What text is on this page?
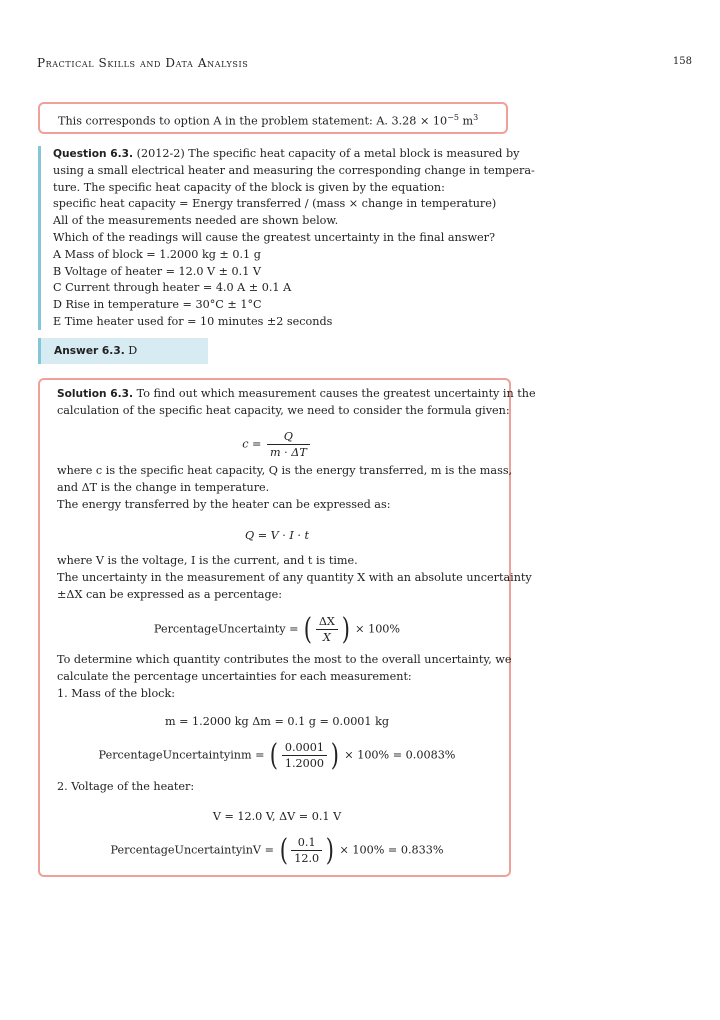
Practical Skills and Data Analysis	158
This corresponds to option A in the problem statement: A. $3.28 \times 10^{-5}$ $m^3$
Question 6.3. (2012-2) The specific heat capacity of a metal block is measured by
using a small electrical heater and measuring the corresponding change in tempera-
ture. The specific heat capacity of the block is given by the equation:
specific heat capacity = Energy transferred / (mass × change in temperature)
All of the measurements needed are shown below.
Which of the readings will cause the greatest uncertainty in the final answer?
A Mass of block = 1.2000 kg ± 0.1 g
B Voltage of heater = 12.0 V ± 0.1 V
C Current through heater = 4.0 A ± 0.1 A
D Rise in temperature = 30°C ± 1°C
E Time heater used for = 10 minutes ±2 seconds
Answer 6.3. D
Solution 6.3. To find out which measurement causes the greatest uncertainty in the
calculation of the specific heat capacity, we need to consider the formula given:
$c = \frac{Q}{m \cdot \Delta T}$
where c is the specific heat capacity, Q is the energy transferred, m is the mass,
and ΔT is the change in temperature.
The energy transferred by the heater can be expressed as:
Q = V · I · t
where V is the voltage, I is the current, and t is time.
The uncertainty in the measurement of any quantity X with an absolute uncertainty
±ΔX can be expressed as a percentage:
PercentageUncertainty = ( $\frac{\Delta X}{X}$ ) × 100%
To determine which quantity contributes the most to the overall uncertainty, we
calculate the percentage uncertainties for each measurement:
1. Mass of the block:
m = 1.2000 kg Δm = 0.1 g = 0.0001 kg
PercentageUncertaintyinm = ( $\frac{0.0001}{1.2000}$ ) × 100% = 0.0083%
2. Voltage of the heater:
V = 12.0 V, ΔV = 0.1 V
PercentageUncertaintyinV = ( $\frac{0.1}{12.0}$ ) × 100% = 0.833%
